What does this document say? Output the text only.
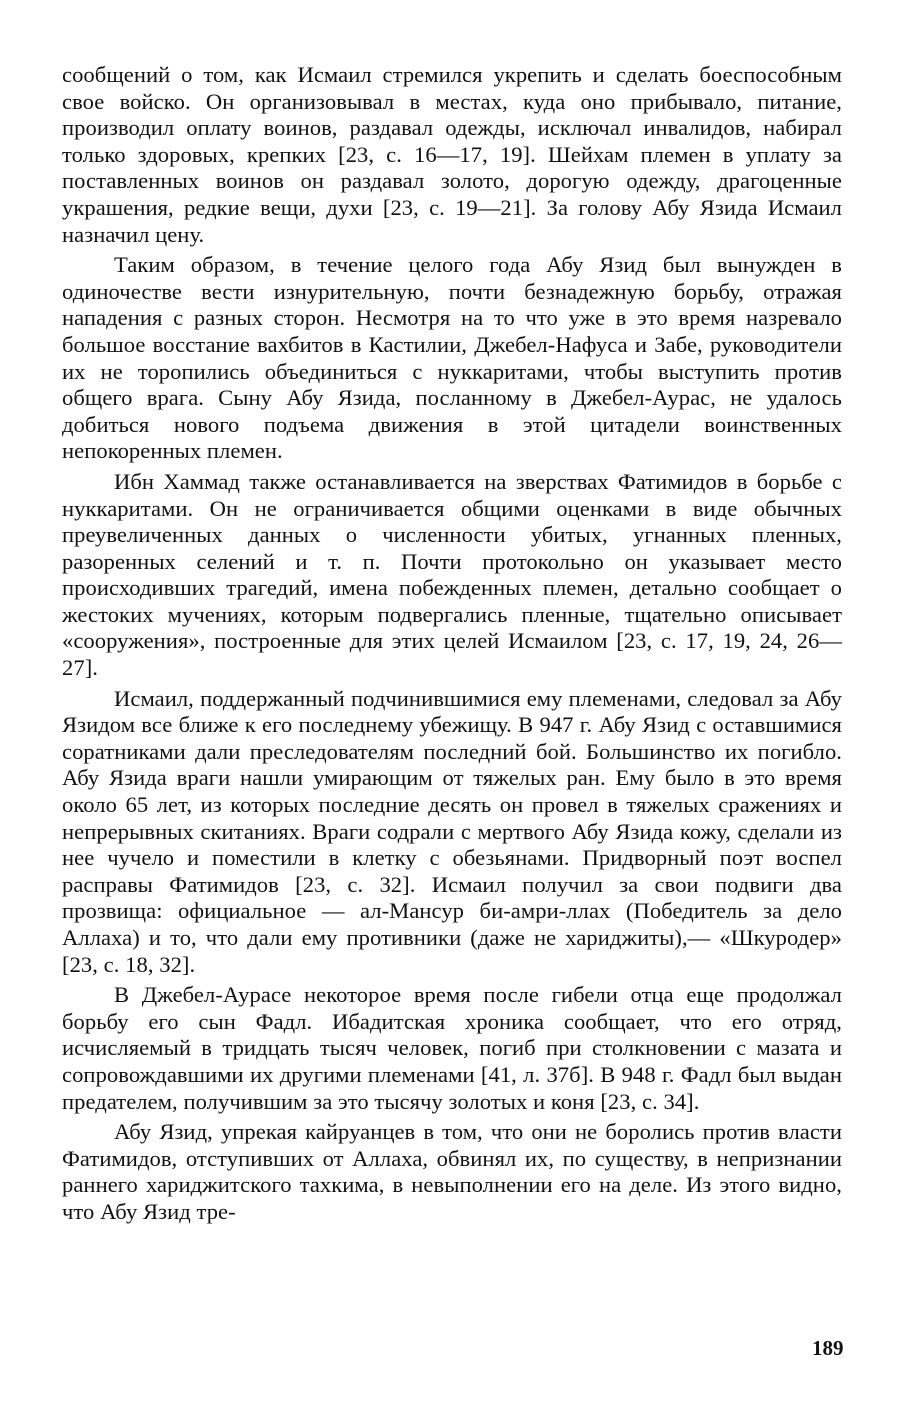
сообщений о том, как Исмаил стремился укрепить и сделать боеспособным свое войско. Он организовывал в местах, куда оно прибывало, питание, производил оплату воинов, раздавал одежды, исключал инвалидов, набирал только здоровых, крепких [23, с. 16—17, 19]. Шейхам племен в уплату за поставленных воинов он раздавал золото, дорогую одежду, драгоценные украшения, редкие вещи, духи [23, с. 19—21]. За голову Абу Язида Исмаил назначил цену.

Таким образом, в течение целого года Абу Язид был вынужден в одиночестве вести изнурительную, почти безнадежную борьбу, отражая нападения с разных сторон. Несмотря на то что уже в это время назревало большое восстание вахбитов в Кастилии, Джебел-Нафуса и Забе, руководители их не торопились объединиться с нуккаритами, чтобы выступить против общего врага. Сыну Абу Язида, посланному в Джебел-Аурас, не удалось добиться нового подъема движения в этой цитадели воинственных непокоренных племен.

Ибн Хаммад также останавливается на зверствах Фатимидов в борьбе с нуккаритами. Он не ограничивается общими оценками в виде обычных преувеличенных данных о численности убитых, угнанных пленных, разоренных селений и т. п. Почти протокольно он указывает место происходивших трагедий, имена побежденных племен, детально сообщает о жестоких мучениях, которым подвергались пленные, тщательно описывает «сооружения», построенные для этих целей Исмаилом [23, с. 17, 19, 24, 26—27].

Исмаил, поддержанный подчинившимися ему племенами, следовал за Абу Язидом все ближе к его последнему убежищу. В 947 г. Абу Язид с оставшимися соратниками дали преследователям последний бой. Большинство их погибло. Абу Язида враги нашли умирающим от тяжелых ран. Ему было в это время около 65 лет, из которых последние десять он провел в тяжелых сражениях и непрерывных скитаниях. Враги содрали с мертвого Абу Язида кожу, сделали из нее чучело и поместили в клетку с обезьянами. Придворный поэт воспел расправы Фатимидов [23, с. 32]. Исмаил получил за свои подвиги два прозвища: официальное — ал-Мансур би-амри-ллах (Победитель за дело Аллаха) и то, что дали ему противники (даже не хариджиты),— «Шкуродер» [23, с. 18, 32].

В Джебел-Аурасе некоторое время после гибели отца еще продолжал борьбу его сын Фадл. Ибадитская хроника сообщает, что его отряд, исчисляемый в тридцать тысяч человек, погиб при столкновении с мазата и сопровождавшими их другими племенами [41, л. 37б]. В 948 г. Фадл был выдан предателем, получившим за это тысячу золотых и коня [23, с. 34].

Абу Язид, упрекая кайруанцев в том, что они не боролись против власти Фатимидов, отступивших от Аллаха, обвинял их, по существу, в непризнании раннего хариджитского тахкима, в невыполнении его на деле. Из этого видно, что Абу Язид тре-

189
